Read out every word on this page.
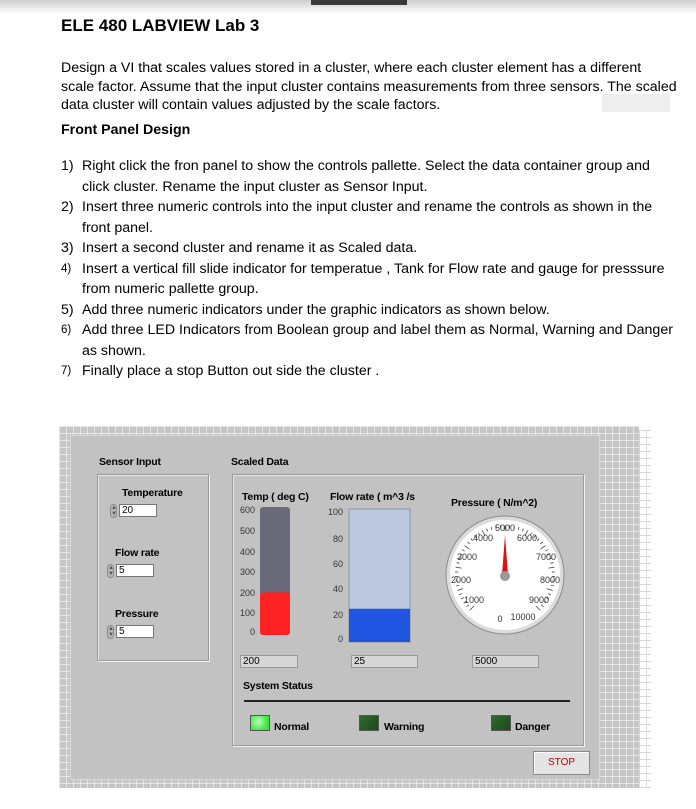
ELE 480 LABVIEW Lab 3
Design a VI that scales values stored in a cluster, where each cluster element has a different scale factor. Assume that the input cluster contains measurements from three sensors. The scaled data cluster will contain values adjusted by the scale factors.
Front Panel Design
1) Right click the fron panel to show the controls pallette. Select the data container group and click cluster. Rename the input cluster as Sensor Input.
2) Insert three numeric controls into the input cluster and rename the controls as shown in the front panel.
3) Insert a second cluster and rename it as Scaled data.
4) Insert a vertical fill slide indicator for temperatue , Tank for Flow rate and gauge for presssure from numeric pallette group.
5) Add three numeric indicators under the graphic indicators as shown below.
6) Add three LED Indicators from Boolean group and label them as Normal, Warning and Danger as shown.
7) Finally place a stop Button out side the cluster .
Sensor Input
Temperature
▲
▼ 20
Flow rate
▲
▼ 5
Pressure
▲
▼ 5
Scaled Data
Temp ( deg C) Flow rate ( m^3 /s	Pressure ( N/m^2)
600
500
400
300
200
100
0
100
80
60
40
20
0
0
1000
2000
3000
4000
5000
6000
7000
8000
9000
10000
200	25	5000
System Status
Normal	Warning	Danger
STOP
